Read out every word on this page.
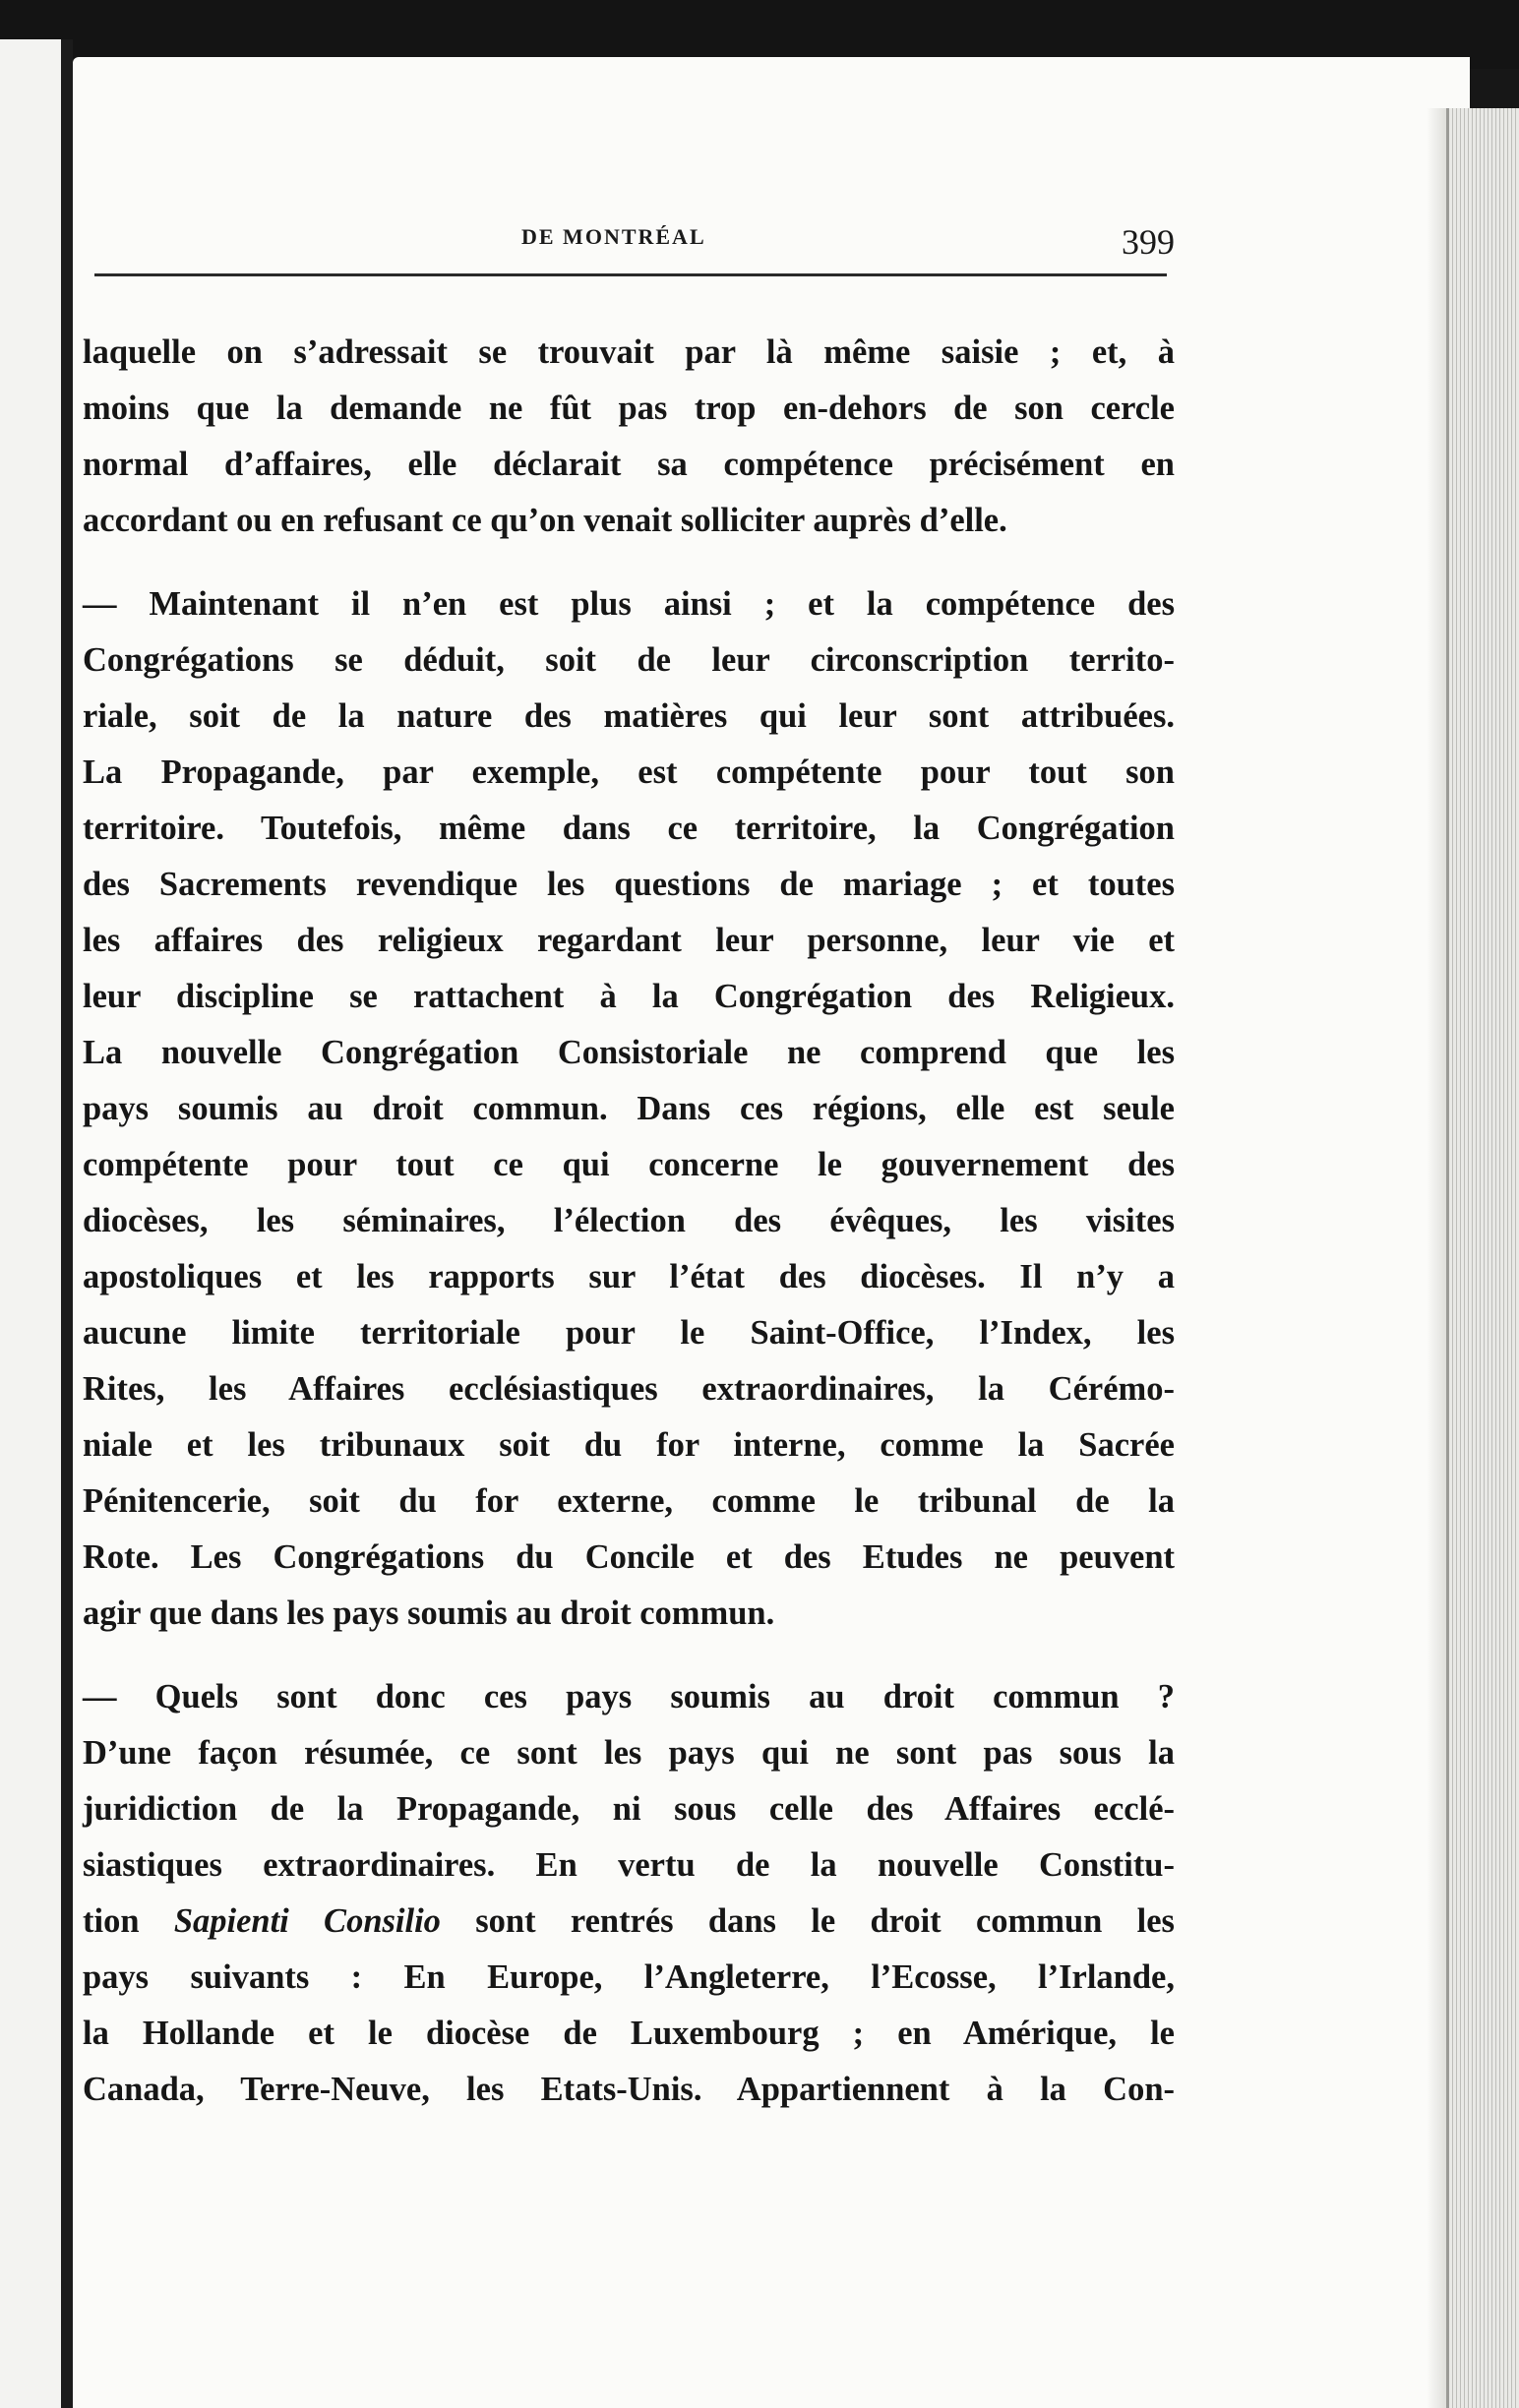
DE MONTRÉAL	399
laquelle on s’adressait se trouvait par là même saisie ; et, à
moins que la demande ne fût pas trop en-dehors de son cercle
normal d’affaires, elle déclarait sa compétence précisément en
accordant ou en refusant ce qu’on venait solliciter auprès d’elle.
— Maintenant il n’en est plus ainsi ; et la compétence des
Congrégations se déduit, soit de leur circonscription territo-
riale, soit de la nature des matières qui leur sont attribuées.
La Propagande, par exemple, est compétente pour tout son
territoire. Toutefois, même dans ce territoire, la Congrégation
des Sacrements revendique les questions de mariage ; et toutes
les affaires des religieux regardant leur personne, leur vie et
leur discipline se rattachent à la Congrégation des Religieux.
La nouvelle Congrégation Consistoriale ne comprend que les
pays soumis au droit commun. Dans ces régions, elle est seule
compétente pour tout ce qui concerne le gouvernement des
diocèses, les séminaires, l’élection des évêques, les visites
apostoliques et les rapports sur l’état des diocèses. Il n’y a
aucune limite territoriale pour le Saint-Office, l’Index, les
Rites, les Affaires ecclésiastiques extraordinaires, la Cérémo-
niale et les tribunaux soit du for interne, comme la Sacrée
Pénitencerie, soit du for externe, comme le tribunal de la
Rote. Les Congrégations du Concile et des Etudes ne peuvent
agir que dans les pays soumis au droit commun.
— Quels sont donc ces pays soumis au droit commun ?
D’une façon résumée, ce sont les pays qui ne sont pas sous la
juridiction de la Propagande, ni sous celle des Affaires ecclé-
siastiques extraordinaires. En vertu de la nouvelle Constitu-
tion Sapienti Consilio sont rentrés dans le droit commun les
pays suivants : En Europe, l’Angleterre, l’Ecosse, l’Irlande,
la Hollande et le diocèse de Luxembourg ; en Amérique, le
Canada, Terre-Neuve, les Etats-Unis. Appartiennent à la Con-
